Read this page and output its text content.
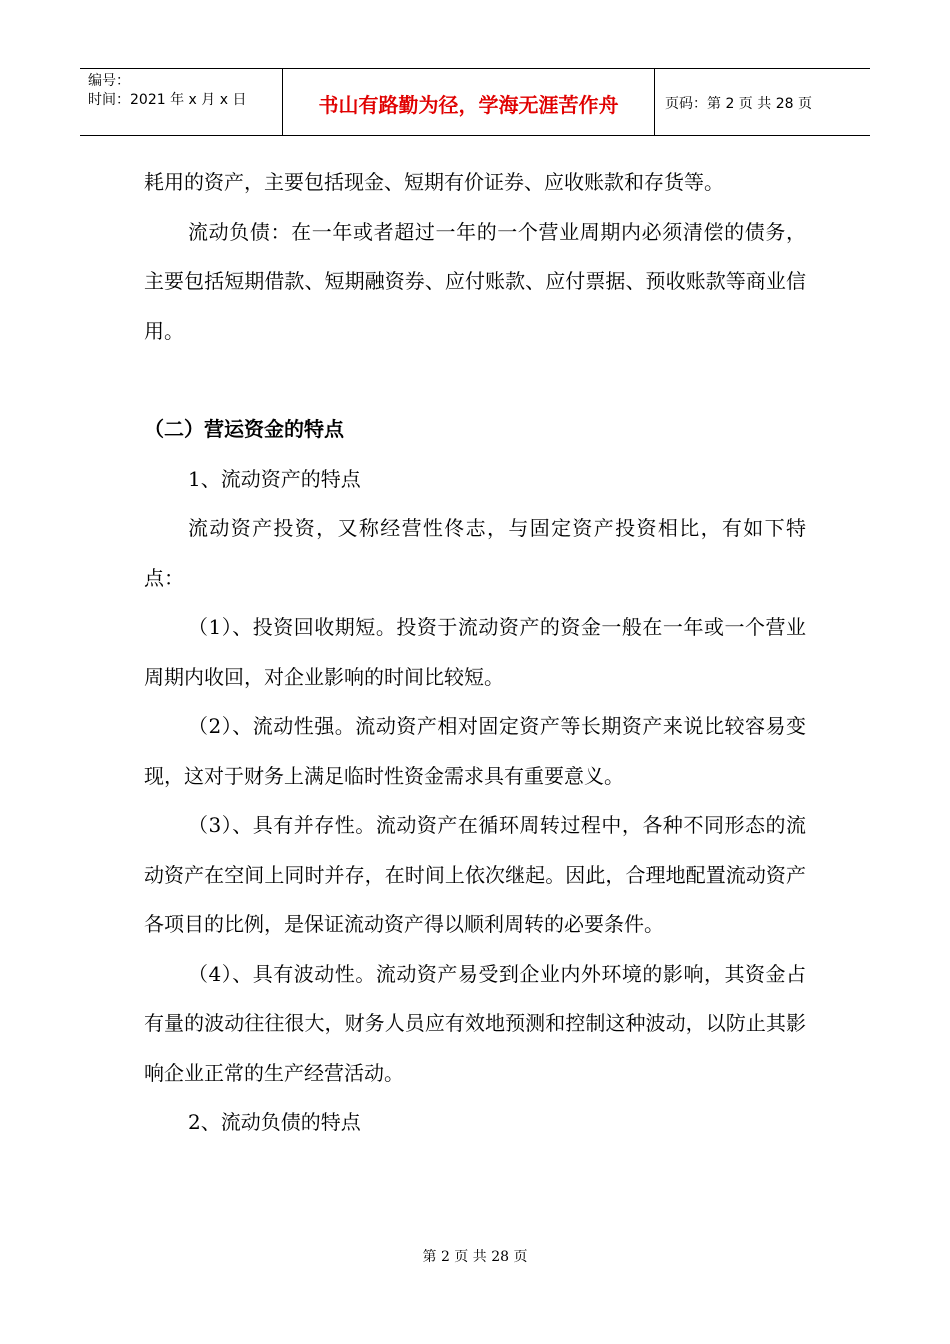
编号：
时间：2021 年 x 月 x 日	书山有路勤为径，学海无涯苦作舟	页码：第 2 页 共 28 页

耗用的资产，主要包括现金、短期有价证券、应收账款和存货等。

流动负债：在一年或者超过一年的一个营业周期内必须清偿的债务，主要包括短期借款、短期融资券、应付账款、应付票据、预收账款等商业信用。

（二）营运资金的特点

1、流动资产的特点

流动资产投资，又称经营性佟志，与固定资产投资相比，有如下特点：

（1）、投资回收期短。投资于流动资产的资金一般在一年或一个营业周期内收回，对企业影响的时间比较短。

（2）、流动性强。流动资产相对固定资产等长期资产来说比较容易变现，这对于财务上满足临时性资金需求具有重要意义。

（3）、具有并存性。流动资产在循环周转过程中，各种不同形态的流动资产在空间上同时并存，在时间上依次继起。因此，合理地配置流动资产各项目的比例，是保证流动资产得以顺利周转的必要条件。

（4）、具有波动性。流动资产易受到企业内外环境的影响，其资金占有量的波动往往很大，财务人员应有效地预测和控制这种波动，以防止其影响企业正常的生产经营活动。

2、流动负债的特点

第 2 页 共 28 页
